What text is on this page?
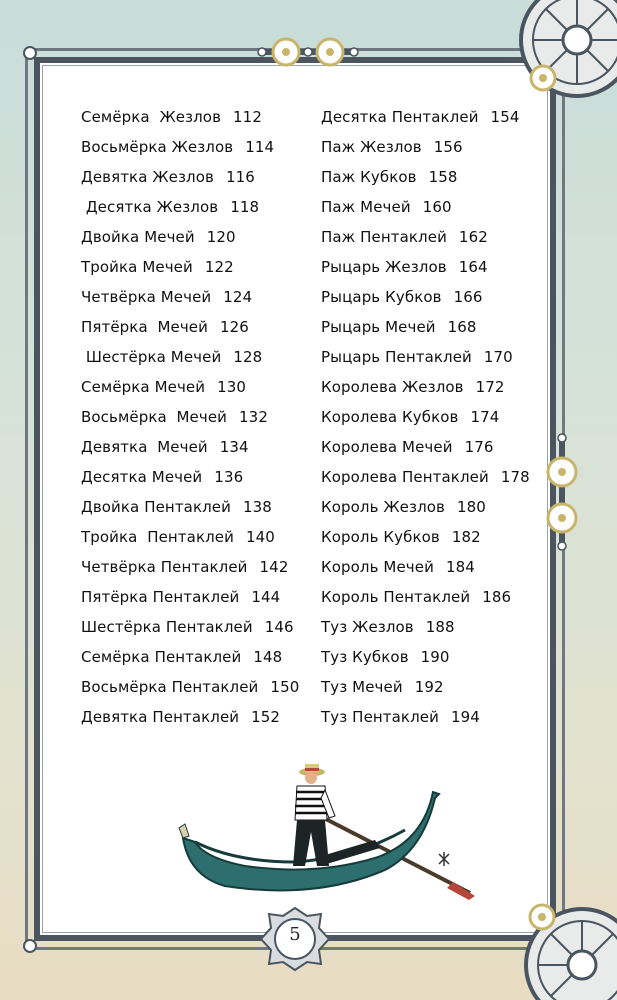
Семёрка  Жезлов 112
Восьмёрка Жезлов 114
Девятка Жезлов 116
Десятка Жезлов 118
Двойка Мечей 120
Тройка Мечей 122
Четвёрка Мечей 124
Пятёрка  Мечей 126
Шестёрка Мечей 128
Семёрка Мечей 130
Восьмёрка  Мечей 132
Девятка  Мечей 134
Десятка Мечей 136
Двойка Пентаклей 138
Тройка  Пентаклей 140
Четвёрка Пентаклей 142
Пятёрка Пентаклей 144
Шестёрка Пентаклей 146
Семёрка Пентаклей 148
Восьмёрка Пентаклей 150
Девятка Пентаклей 152
Десятка Пентаклей 154
Паж Жезлов 156
Паж Кубков 158
Паж Мечей 160
Паж Пентаклей 162
Рыцарь Жезлов 164
Рыцарь Кубков 166
Рыцарь Мечей 168
Рыцарь Пентаклей 170
Королева Жезлов 172
Королева Кубков 174
Королева Мечей 176
Королева Пентаклей 178
Король Жезлов 180
Король Кубков 182
Король Мечей 184
Король Пентаклей 186
Туз Жезлов 188
Туз Кубков 190
Туз Мечей 192
Туз Пентаклей 194
5
